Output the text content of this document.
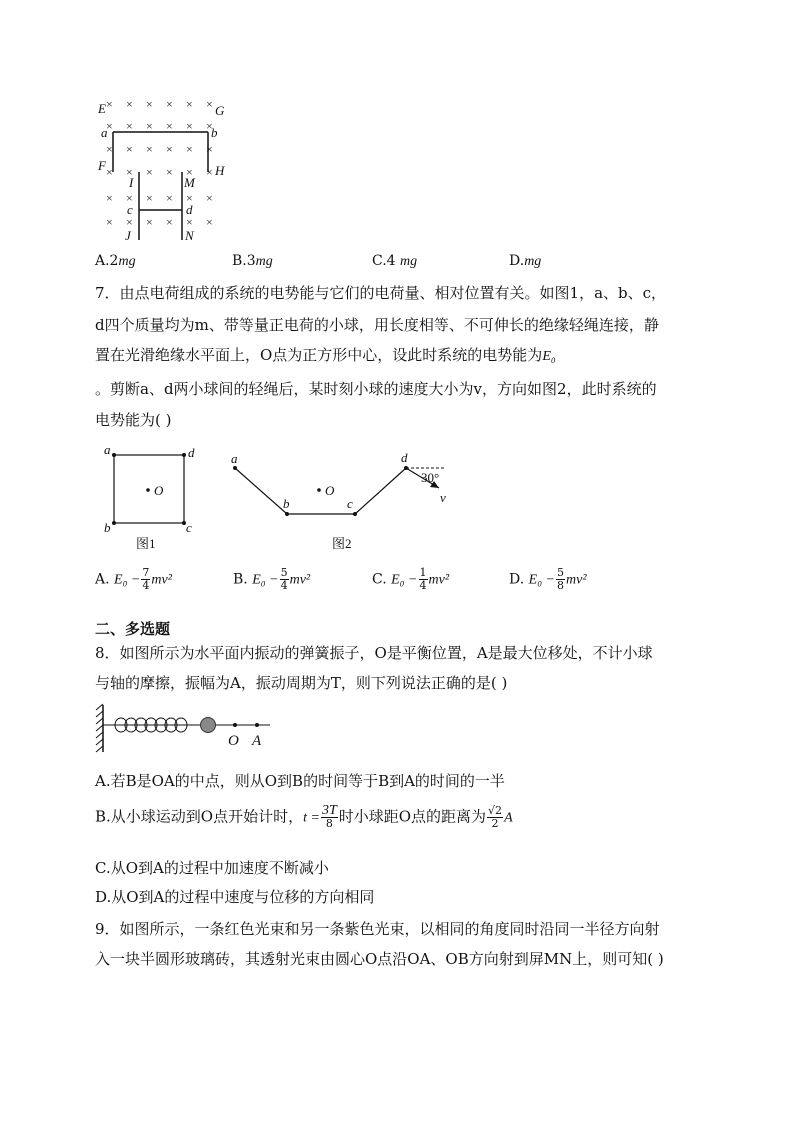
× × × × × ×
× × × × × ×
× × × × × ×
× × × × × ×
× × × × × ×
× × × × × ×
E	G
a	b
F	H
I	M
c	d
J	N
A.2mg	B.3mg	C.4 mg	D.mg
7．由点电荷组成的系统的电势能与它们的电荷量、相对位置有关。如图1，a、b、c，
d四个质量均为m、带等量正电荷的小球，用长度相等、不可伸长的绝缘轻绳连接，静
置在光滑绝缘水平面上，O点为正方形中心，设此时系统的电势能为E₀
。剪断a、d两小球间的轻绳后，某时刻小球的速度大小为v，方向如图2，此时系统的
电势能为( )
a	d
b	c
O
图1
a
b
O
c
d
v
30°
图2
A. $E_0 - \frac{7}{4} mv^2$	B. $E_0 - \frac{5}{4} mv^2$	C. $E_0 - \frac{1}{4} mv^2$	D. $E_0 - \frac{5}{8} mv^2$
二、多选题
8．如图所示为水平面内振动的弹簧振子，O是平衡位置，A是最大位移处，不计小球
与轴的摩擦，振幅为A，振动周期为T，则下列说法正确的是( )
O A
A.若B是OA的中点，则从O到B的时间等于B到A的时间的一半
B.从小球运动到O点开始计时，$t = \frac{3T}{8}$ 时小球距O点的距离为 $\frac{√2}{2}$ A
C.从O到A的过程中加速度不断减小
D.从O到A的过程中速度与位移的方向相同
9．如图所示，一条红色光束和另一条紫色光束，以相同的角度同时沿同一半径方向射
入一块半圆形玻璃砖，其透射光束由圆心O点沿OA、OB方向射到屏MN上，则可知( )
